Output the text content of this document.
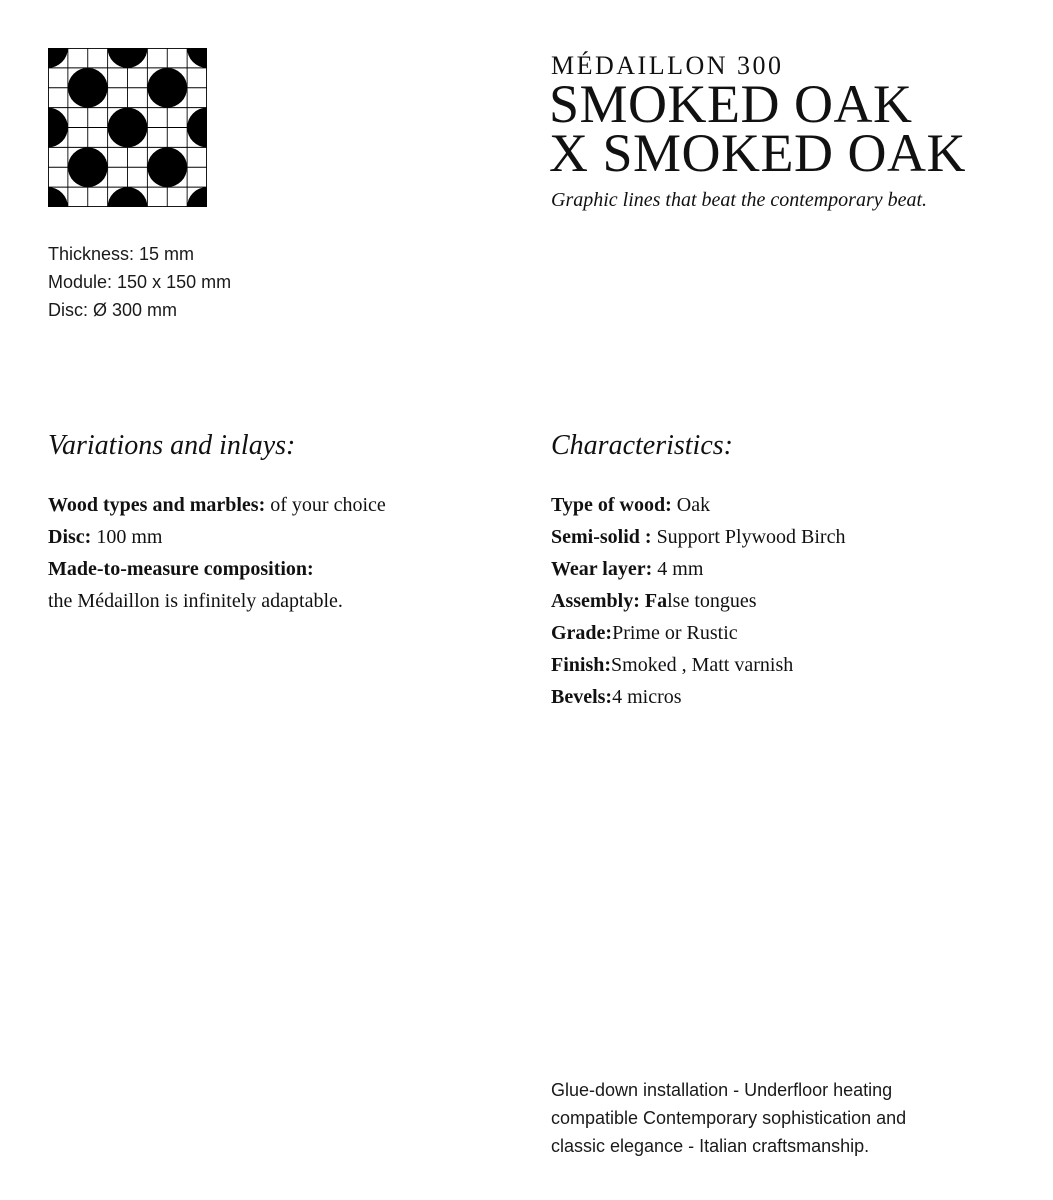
Thickness: 15 mm
Module: 150 x 150 mm
Disc: Ø 300 mm
MÉDAILLON 300
SMOKED OAK
X SMOKED OAK
Graphic lines that beat the contemporary beat.
Variations and inlays:
Wood types and marbles: of your choice
Disc: 100 mm
Made-to-measure composition:
the Médaillon is infinitely adaptable.
Characteristics:
Type of wood: Oak
Semi-solid : Support Plywood Birch
Wear layer: 4 mm
Assembly: False tongues
Grade:Prime or Rustic
Finish:Smoked , Matt varnish
Bevels:4 micros
Glue-down installation - Underfloor heating compatible Contemporary sophistication and classic elegance - Italian craftsmanship.
